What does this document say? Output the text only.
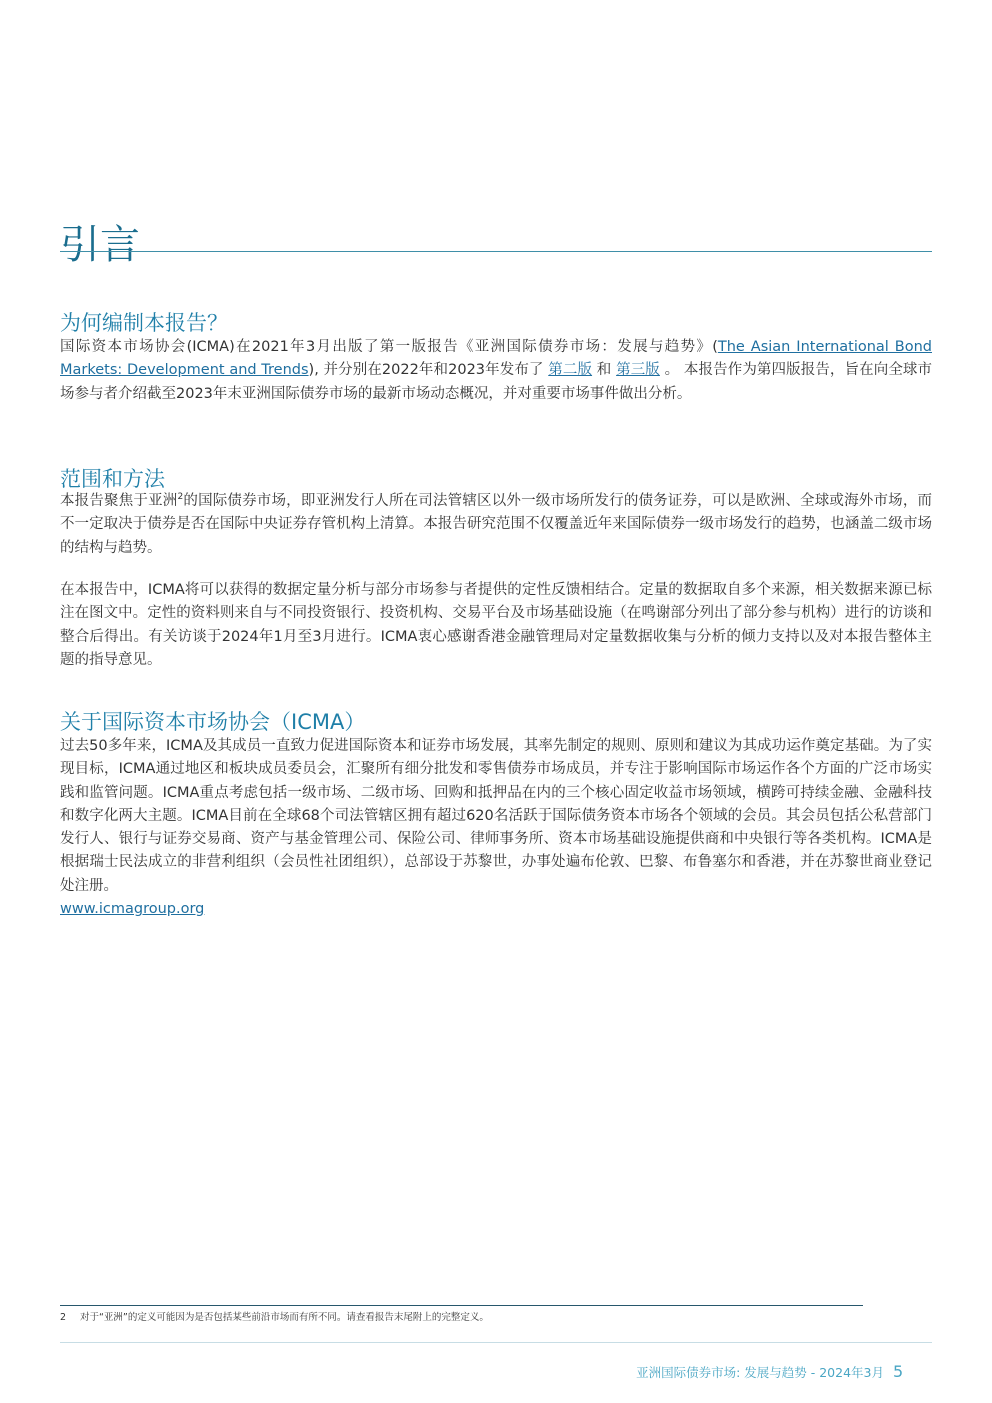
引言
为何编制本报告？

国际资本市场协会(ICMA)在2021年3月出版了第一版报告《亚洲国际债券市场：发展与趋势》(The Asian International Bond Markets: Development and Trends), 并分别在2022年和2023年发布了 第二版 和 第三版 。 本报告作为第四版报告，旨在向全球市场参与者介绍截至2023年末亚洲国际债券市场的最新市场动态概况，并对重要市场事件做出分析。

范围和方法

本报告聚焦于亚洲$^2$的国际债券市场，即亚洲发行人所在司法管辖区以外一级市场所发行的债务证券，可以是欧洲、全球或海外市场，而不一定取决于债券是否在国际中央证券存管机构上清算。本报告研究范围不仅覆盖近年来国际债券一级市场发行的趋势，也涵盖二级市场的结构与趋势。

在本报告中，ICMA将可以获得的数据定量分析与部分市场参与者提供的定性反馈相结合。定量的数据取自多个来源，相关数据来源已标注在图文中。定性的资料则来自与不同投资银行、投资机构、交易平台及市场基础设施（在鸣谢部分列出了部分参与机构）进行的访谈和整合后得出。有关访谈于2024年1月至3月进行。ICMA衷心感谢香港金融管理局对定量数据收集与分析的倾力支持以及对本报告整体主题的指导意见。

关于国际资本市场协会（ICMA）

过去50多年来，ICMA及其成员一直致力促进国际资本和证券市场发展，其率先制定的规则、原则和建议为其成功运作奠定基础。为了实现目标，ICMA通过地区和板块成员委员会，汇聚所有细分批发和零售债券市场成员，并专注于影响国际市场运作各个方面的广泛市场实践和监管问题。ICMA重点考虑包括一级市场、二级市场、回购和抵押品在内的三个核心固定收益市场领域，横跨可持续金融、金融科技和数字化两大主题。ICMA目前在全球68个司法管辖区拥有超过620名活跃于国际债务资本市场各个领域的会员。其会员包括公私营部门发行人、银行与证券交易商、资产与基金管理公司、保险公司、律师事务所、资本市场基础设施提供商和中央银行等各类机构。ICMA是根据瑞士民法成立的非营利组织（会员性社团组织），总部设于苏黎世，办事处遍布伦敦、巴黎、布鲁塞尔和香港，并在苏黎世商业登记处注册。
www.icmagroup.org

2 对于“亚洲”的定义可能因为是否包括某些前沿市场而有所不同。请查看报告末尾附上的完整定义。
亚洲国际债券市场: 发展与趋势 - 2024年3月 5
